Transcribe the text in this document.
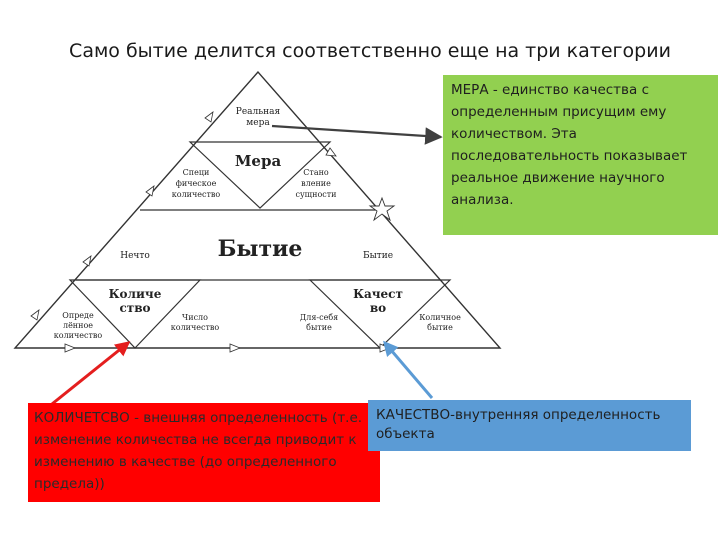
Само бытие делится соответственно еще на три категории
Реальная
мера
Мера
Специ
фическое
количество
Стано
вление
сущности
Нечто	Бытие	Бытие
Количе
ство
Качест
во
Опреде
лённое
количество
Число
количество
Для-себя
бытие
Количное
бытие
МЕРА - единство качества с определенным присущим ему количеством. Эта последовательность показывает реальное движение научного анализа.
КОЛИЧЕТСВО - внешняя определенность (т.е. изменение количества не всегда приводит к изменению в качестве (до определенного предела))
КАЧЕСТВО-внутренняя определенность объекта
